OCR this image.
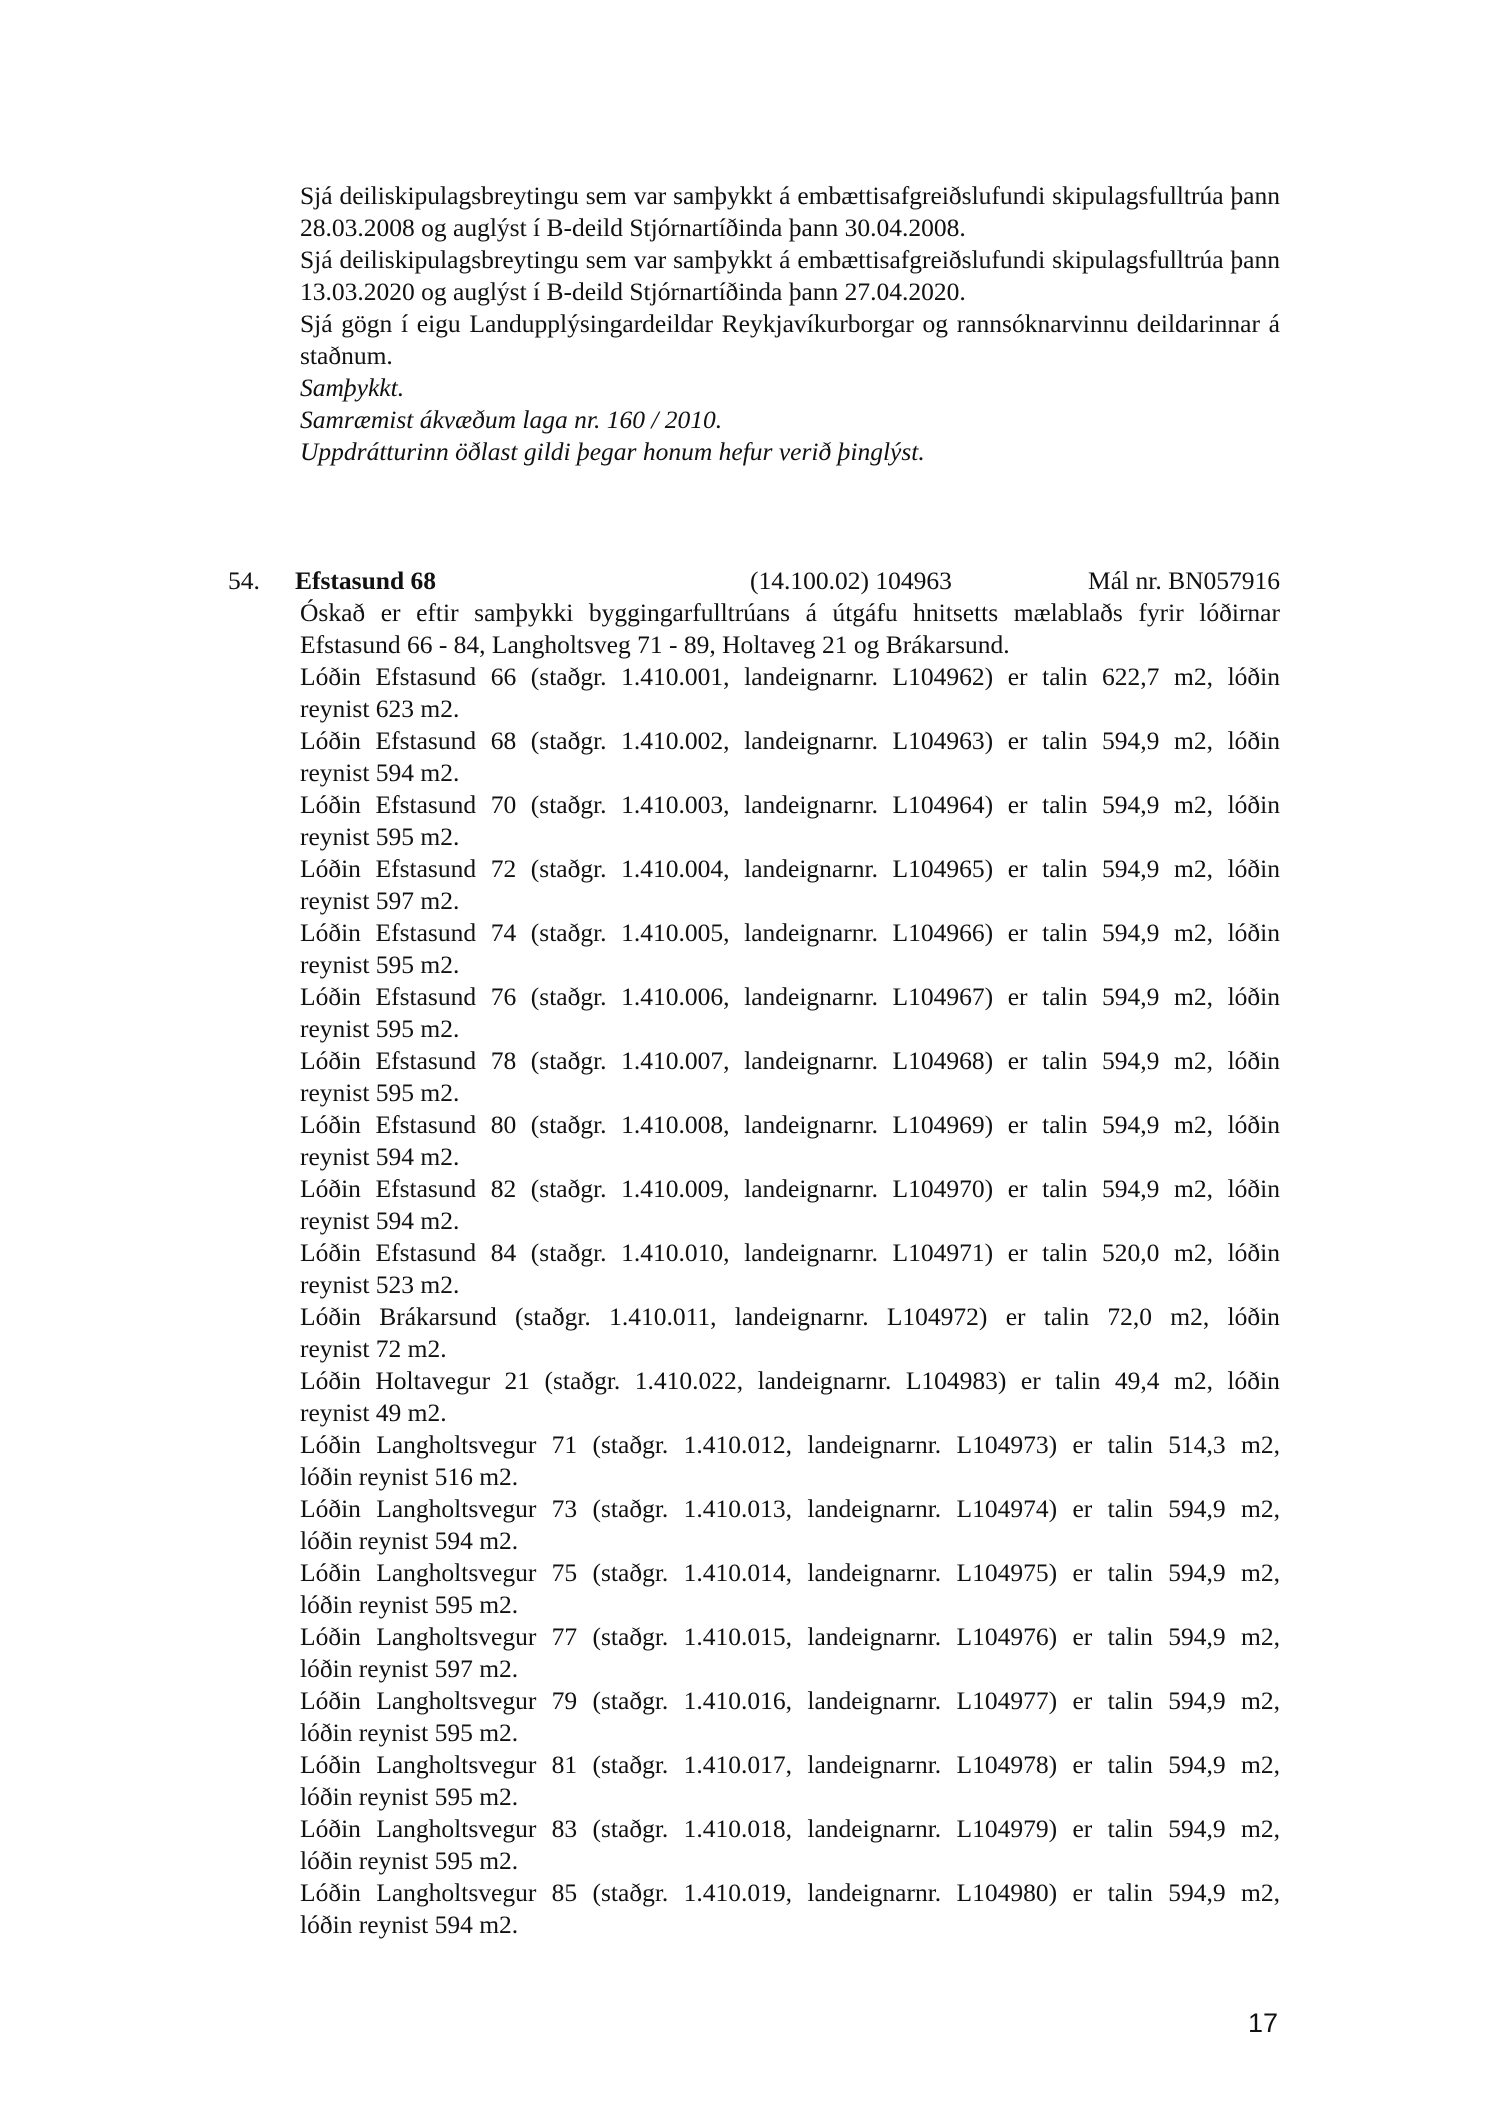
Sjá deiliskipulagsbreytingu sem var samþykkt á embættisafgreiðslufundi skipulagsfulltrúa þann 28.03.2008 og auglýst í B-deild Stjórnartíðinda þann 30.04.2008.

Sjá deiliskipulagsbreytingu sem var samþykkt á embættisafgreiðslufundi skipulagsfulltrúa þann 13.03.2020 og auglýst í B-deild Stjórnartíðinda þann 27.04.2020.

Sjá gögn í eigu Landupplýsingardeildar Reykjavíkurborgar og rannsóknarvinnu deildarinnar á staðnum.

Samþykkt.

Samræmist ákvæðum laga nr. 160 / 2010.

Uppdrátturinn öðlast gildi þegar honum hefur verið þinglýst.

54. Efstasund 68	(14.100.02) 104963	Mál nr. BN057916

Óskað er eftir samþykki byggingarfulltrúans á útgáfu hnitsetts mælablaðs fyrir lóðirnar Efstasund 66 - 84, Langholtsveg 71 - 89, Holtaveg 21 og Brákarsund.

Lóðin Efstasund 66 (staðgr. 1.410.001, landeignarnr. L104962) er talin 622,7 m2, lóðin
reynist 623 m2.
Lóðin Efstasund 68 (staðgr. 1.410.002, landeignarnr. L104963) er talin 594,9 m2, lóðin
reynist 594 m2.
Lóðin Efstasund 70 (staðgr. 1.410.003, landeignarnr. L104964) er talin 594,9 m2, lóðin
reynist 595 m2.
Lóðin Efstasund 72 (staðgr. 1.410.004, landeignarnr. L104965) er talin 594,9 m2, lóðin
reynist 597 m2.
Lóðin Efstasund 74 (staðgr. 1.410.005, landeignarnr. L104966) er talin 594,9 m2, lóðin
reynist 595 m2.
Lóðin Efstasund 76 (staðgr. 1.410.006, landeignarnr. L104967) er talin 594,9 m2, lóðin
reynist 595 m2.
Lóðin Efstasund 78 (staðgr. 1.410.007, landeignarnr. L104968) er talin 594,9 m2, lóðin
reynist 595 m2.
Lóðin Efstasund 80 (staðgr. 1.410.008, landeignarnr. L104969) er talin 594,9 m2, lóðin
reynist 594 m2.
Lóðin Efstasund 82 (staðgr. 1.410.009, landeignarnr. L104970) er talin 594,9 m2, lóðin
reynist 594 m2.
Lóðin Efstasund 84 (staðgr. 1.410.010, landeignarnr. L104971) er talin 520,0 m2, lóðin
reynist 523 m2.
Lóðin Brákarsund (staðgr. 1.410.011, landeignarnr. L104972) er talin 72,0 m2, lóðin
reynist 72 m2.
Lóðin Holtavegur 21 (staðgr. 1.410.022, landeignarnr. L104983) er talin 49,4 m2, lóðin
reynist 49 m2.
Lóðin Langholtsvegur 71 (staðgr. 1.410.012, landeignarnr. L104973) er talin 514,3 m2,
lóðin reynist 516 m2.
Lóðin Langholtsvegur 73 (staðgr. 1.410.013, landeignarnr. L104974) er talin 594,9 m2,
lóðin reynist 594 m2.
Lóðin Langholtsvegur 75 (staðgr. 1.410.014, landeignarnr. L104975) er talin 594,9 m2,
lóðin reynist 595 m2.
Lóðin Langholtsvegur 77 (staðgr. 1.410.015, landeignarnr. L104976) er talin 594,9 m2,
lóðin reynist 597 m2.
Lóðin Langholtsvegur 79 (staðgr. 1.410.016, landeignarnr. L104977) er talin 594,9 m2,
lóðin reynist 595 m2.
Lóðin Langholtsvegur 81 (staðgr. 1.410.017, landeignarnr. L104978) er talin 594,9 m2,
lóðin reynist 595 m2.
Lóðin Langholtsvegur 83 (staðgr. 1.410.018, landeignarnr. L104979) er talin 594,9 m2,
lóðin reynist 595 m2.
Lóðin Langholtsvegur 85 (staðgr. 1.410.019, landeignarnr. L104980) er talin 594,9 m2,
lóðin reynist 594 m2.
17
